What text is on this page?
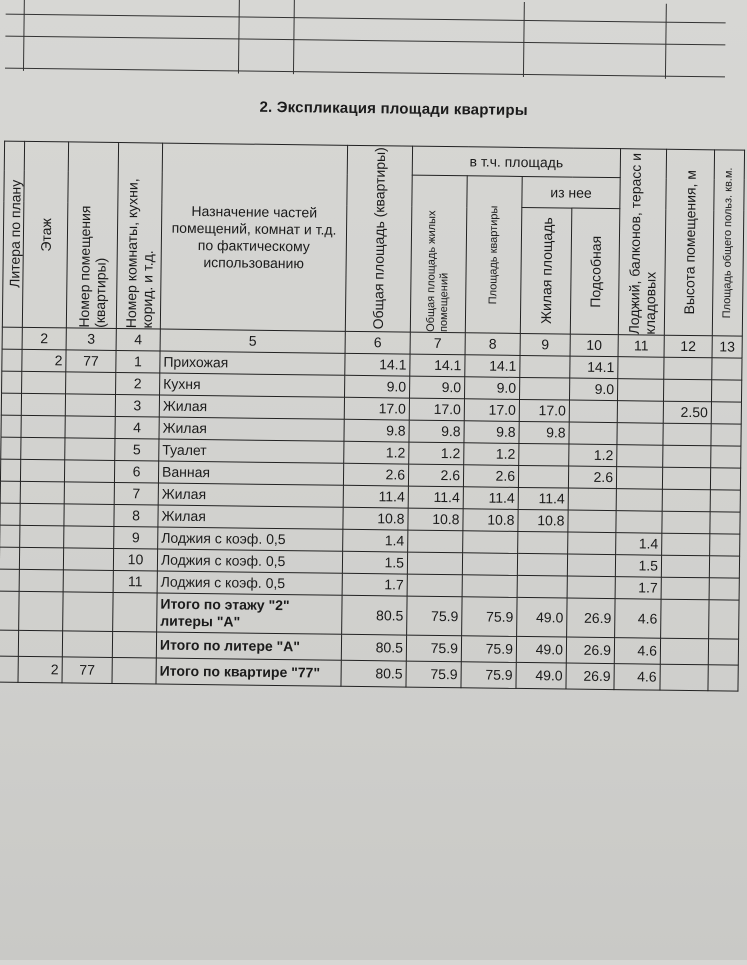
2. Экспликация площади квартиры
Литера по плану	Этаж	Номер помещения (квартиры)	Номер комнаты, кухни, корид. и т.д.	Назначение частей помещений, комнат и т.д. по фактическому использованию	Общая площадь (квартиры)	в т.ч. площадь				Лоджий, балконов, терасс и кладовых	Высота помещения, м	Площадь общего польз. кв.м.

						Общая площадь жилых помещений	Площадь квартиры	из нее				

								Жилая площадь	Подсобная			

	2	3	4	5	6	7	8	9	10	11	12	13
	2	77	1	Прихожая	14.1	14.1	14.1		14.1			
			2	Кухня	9.0	9.0	9.0		9.0			
			3	Жилая	17.0	17.0	17.0	17.0			2.50	
			4	Жилая	9.8	9.8	9.8	9.8				
			5	Туалет	1.2	1.2	1.2		1.2			
			6	Ванная	2.6	2.6	2.6		2.6			
			7	Жилая	11.4	11.4	11.4	11.4				
			8	Жилая	10.8	10.8	10.8	10.8				
			9	Лоджия с коэф. 0,5	1.4					1.4		
			10	Лоджия с коэф. 0,5	1.5					1.5		
			11	Лоджия с коэф. 0,5	1.7					1.7		
				Итого по этажу "2" литеры "А"	80.5	75.9	75.9	49.0	26.9	4.6		
				Итого по литере "А"	80.5	75.9	75.9	49.0	26.9	4.6		
	2	77		Итого по квартире "77"	80.5	75.9	75.9	49.0	26.9	4.6		
